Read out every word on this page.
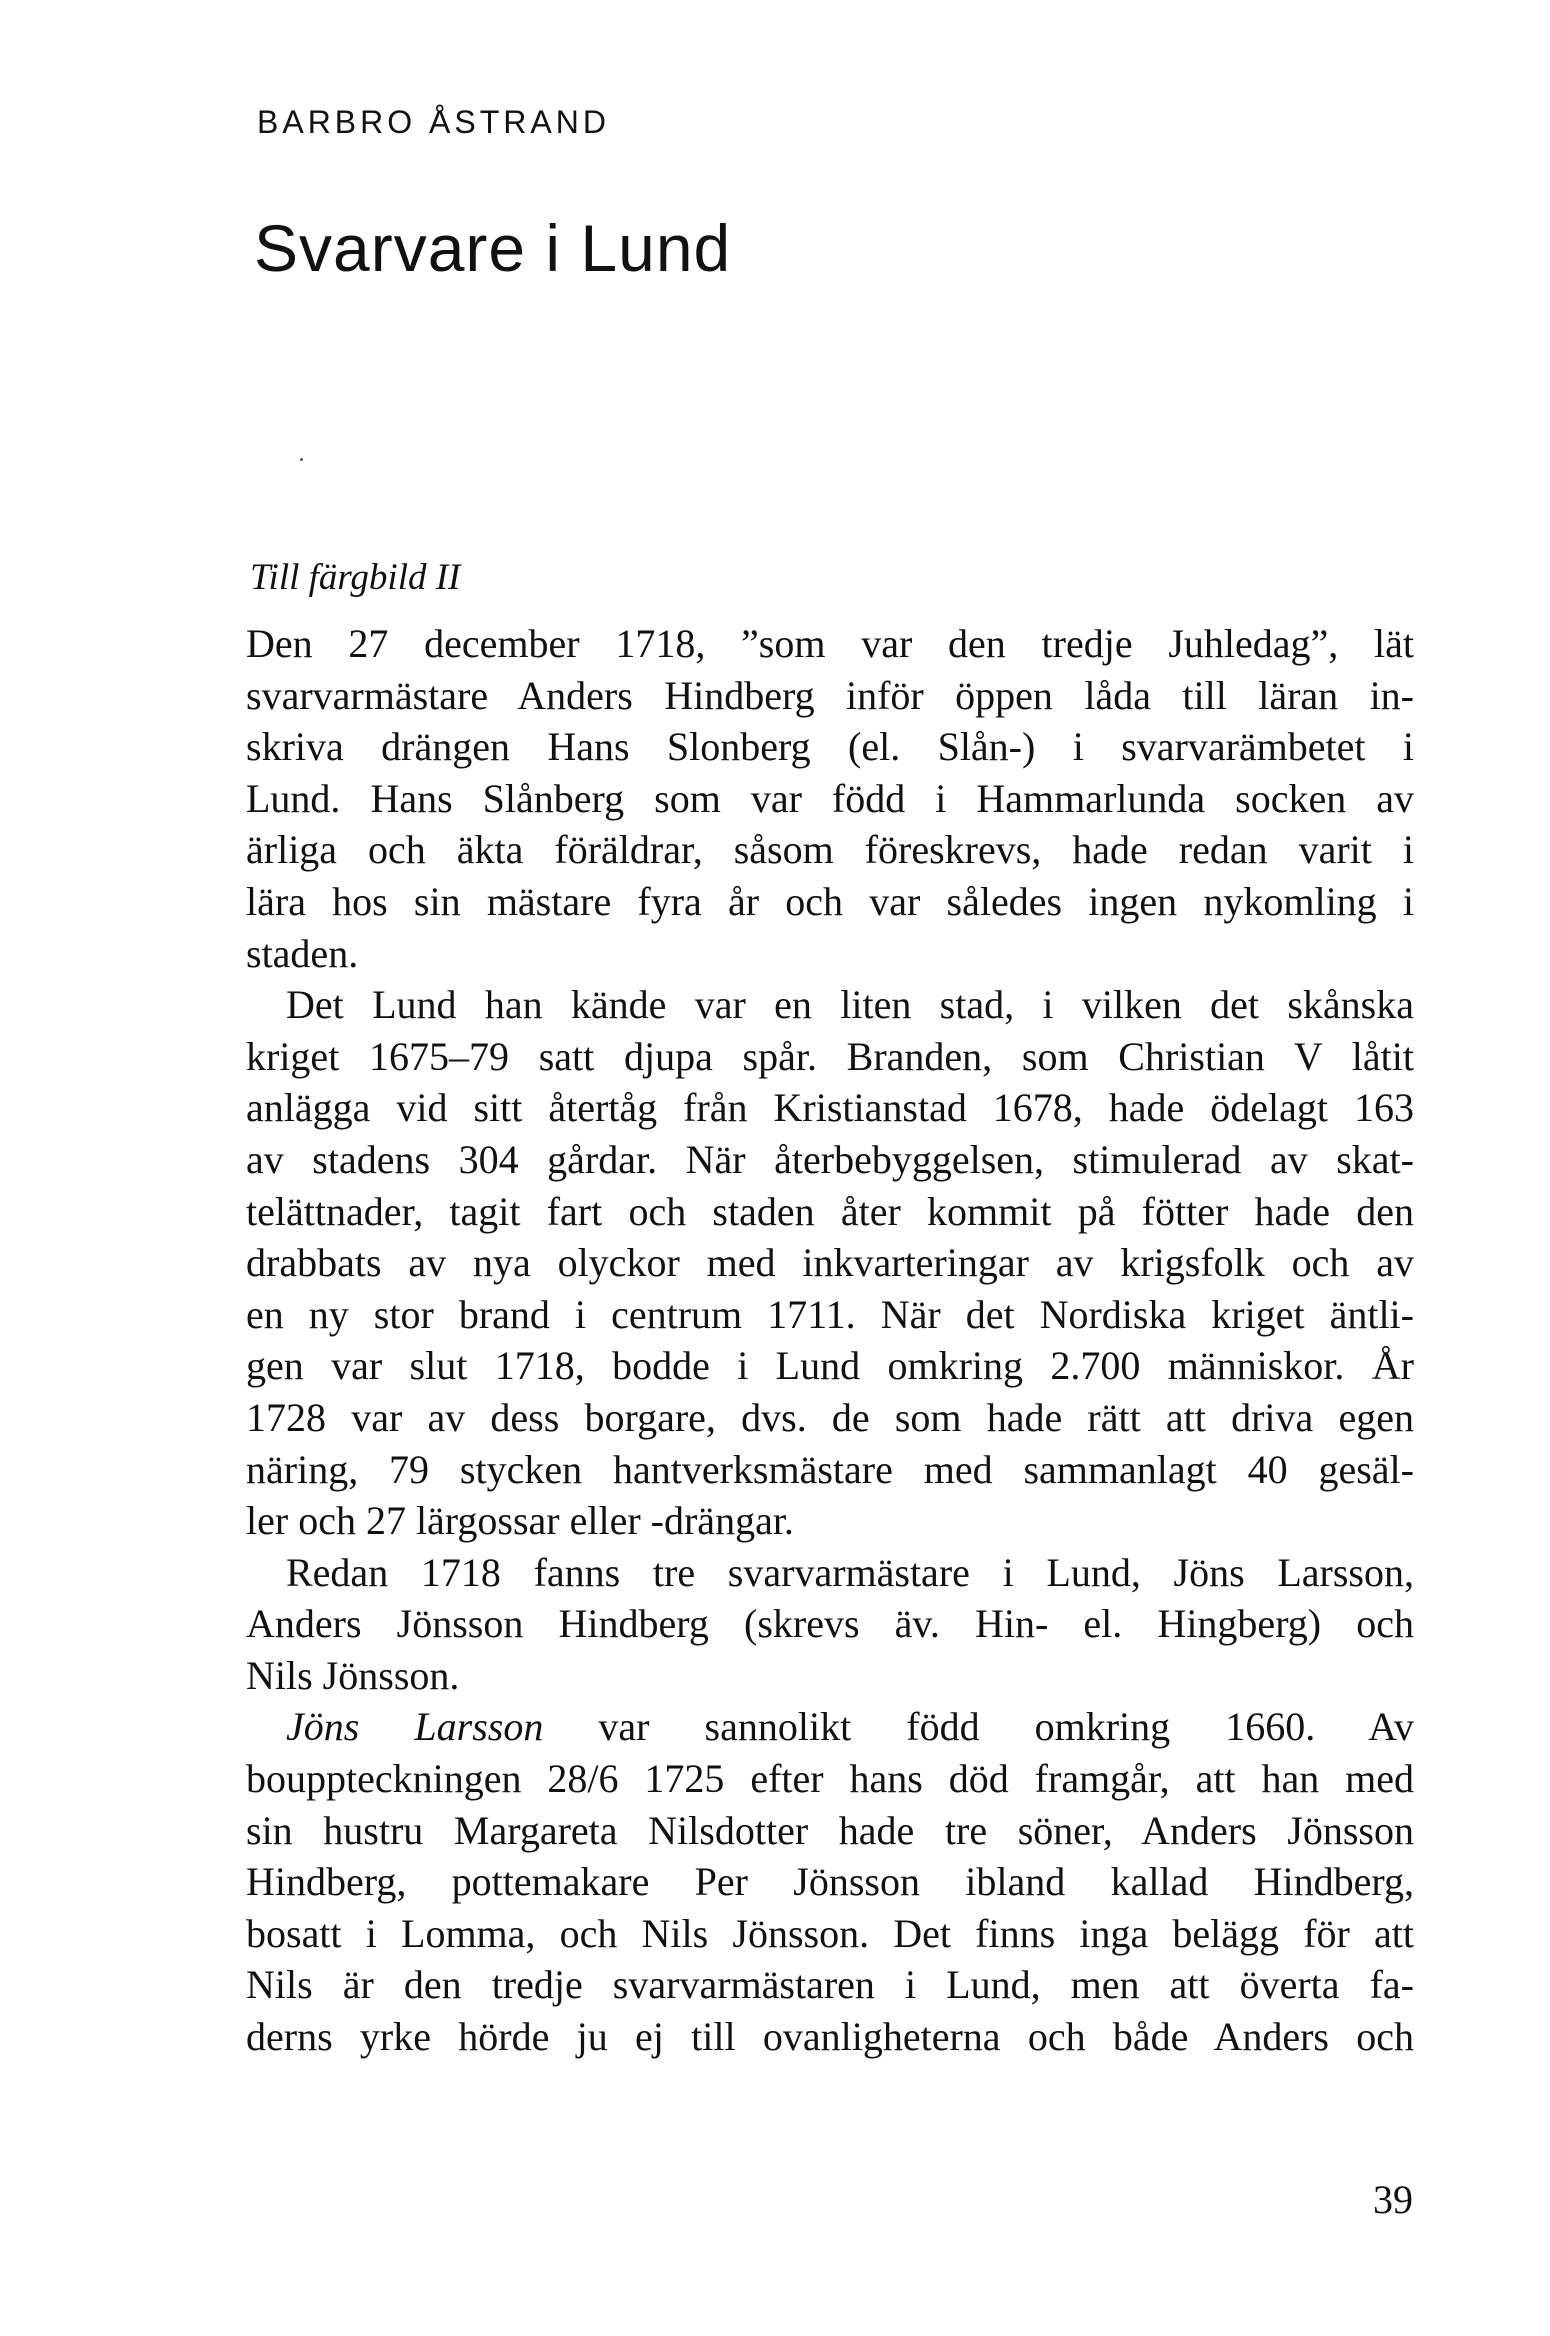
BARBRO ÅSTRAND
Svarvare i Lund
Till färgbild II
Den 27 december 1718, ”som var den tredje Juhledag”, lät
svarvarmästare Anders Hindberg inför öppen låda till läran in-
skriva drängen Hans Slonberg (el. Slån-) i svarvarämbetet i
Lund. Hans Slånberg som var född i Hammarlunda socken av
ärliga och äkta föräldrar, såsom föreskrevs, hade redan varit i
lära hos sin mästare fyra år och var således ingen nykomling i
staden.
Det Lund han kände var en liten stad, i vilken det skånska
kriget 1675–79 satt djupa spår. Branden, som Christian V låtit
anlägga vid sitt återtåg från Kristianstad 1678, hade ödelagt 163
av stadens 304 gårdar. När återbebyggelsen, stimulerad av skat-
telättnader, tagit fart och staden åter kommit på fötter hade den
drabbats av nya olyckor med inkvarteringar av krigsfolk och av
en ny stor brand i centrum 1711. När det Nordiska kriget äntli-
gen var slut 1718, bodde i Lund omkring 2.700 människor. År
1728 var av dess borgare, dvs. de som hade rätt att driva egen
näring, 79 stycken hantverksmästare med sammanlagt 40 gesäl-
ler och 27 lärgossar eller -drängar.
Redan 1718 fanns tre svarvarmästare i Lund, Jöns Larsson,
Anders Jönsson Hindberg (skrevs äv. Hin- el. Hingberg) och
Nils Jönsson.
Jöns Larsson var sannolikt född omkring 1660. Av
bouppteckningen 28/6 1725 efter hans död framgår, att han med
sin hustru Margareta Nilsdotter hade tre söner, Anders Jönsson
Hindberg, pottemakare Per Jönsson ibland kallad Hindberg,
bosatt i Lomma, och Nils Jönsson. Det finns inga belägg för att
Nils är den tredje svarvarmästaren i Lund, men att överta fa-
derns yrke hörde ju ej till ovanligheterna och både Anders och
39
